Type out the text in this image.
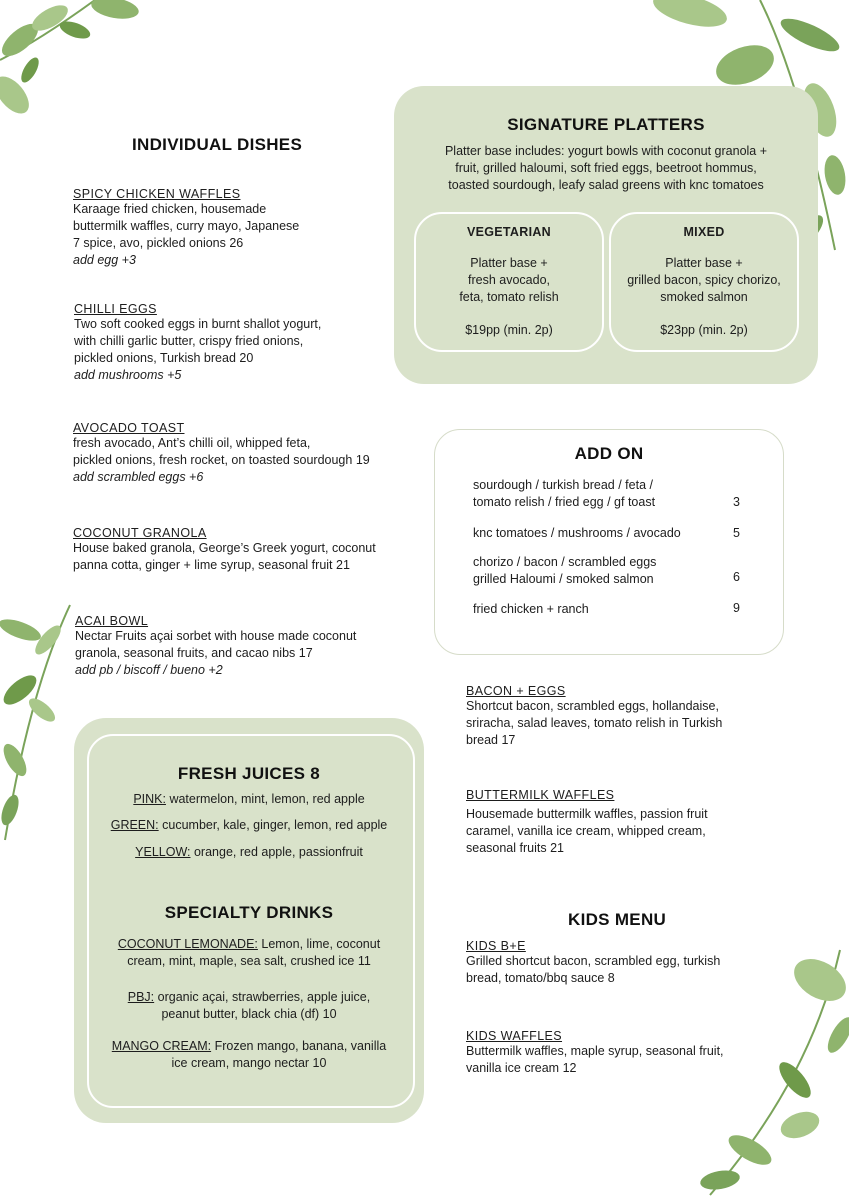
INDIVIDUAL DISHES
SPICY CHICKEN WAFFLES
Karaage fried chicken, housemade
buttermilk waffles, curry mayo, Japanese
7 spice, avo, pickled onions 26
add egg +3
CHILLI EGGS
Two soft cooked eggs in burnt shallot yogurt,
with chilli garlic butter, crispy fried onions,
pickled onions, Turkish bread 20
add mushrooms +5
AVOCADO TOAST
fresh avocado, Ant’s chilli oil, whipped feta,
pickled onions, fresh rocket, on toasted sourdough 19
add scrambled eggs +6
COCONUT GRANOLA
House baked granola, George’s Greek yogurt, coconut
panna cotta, ginger + lime syrup, seasonal fruit 21
ACAI BOWL
Nectar Fruits açai sorbet with house made coconut
granola, seasonal fruits, and cacao nibs 17
add pb / biscoff / bueno +2
SIGNATURE PLATTERS
Platter base includes: yogurt bowls with coconut granola +
fruit, grilled haloumi, soft fried eggs, beetroot hommus,
toasted sourdough, leafy salad greens with knc tomatoes
VEGETARIAN
Platter base +
fresh avocado,
feta, tomato relish
$19pp (min. 2p)
MIXED
Platter base +
grilled bacon, spicy chorizo,
smoked salmon
$23pp (min. 2p)
ADD ON
sourdough / turkish bread / feta /
tomato relish / fried egg / gf toast	3
knc tomatoes / mushrooms / avocado	5
chorizo / bacon / scrambled eggs
grilled Haloumi / smoked salmon	6
fried chicken + ranch	9
BACON + EGGS
Shortcut bacon, scrambled eggs, hollandaise,
sriracha, salad leaves, tomato relish in Turkish
bread 17
BUTTERMILK WAFFLES
Housemade buttermilk waffles, passion fruit
caramel, vanilla ice cream, whipped cream,
seasonal fruits 21
KIDS MENU
KIDS B+E
Grilled shortcut bacon, scrambled egg, turkish
bread, tomato/bbq sauce 8
KIDS WAFFLES
Buttermilk waffles, maple syrup, seasonal fruit,
vanilla ice cream 12
FRESH JUICES 8
PINK: watermelon, mint, lemon, red apple
GREEN: cucumber, kale, ginger, lemon, red apple
YELLOW: orange, red apple, passionfruit
SPECIALTY DRINKS
COCONUT LEMONADE: Lemon, lime, coconut
cream, mint, maple, sea salt, crushed ice 11
PBJ: organic açai, strawberries, apple juice,
peanut butter, black chia (df) 10
MANGO CREAM: Frozen mango, banana, vanilla
ice cream, mango nectar 10
